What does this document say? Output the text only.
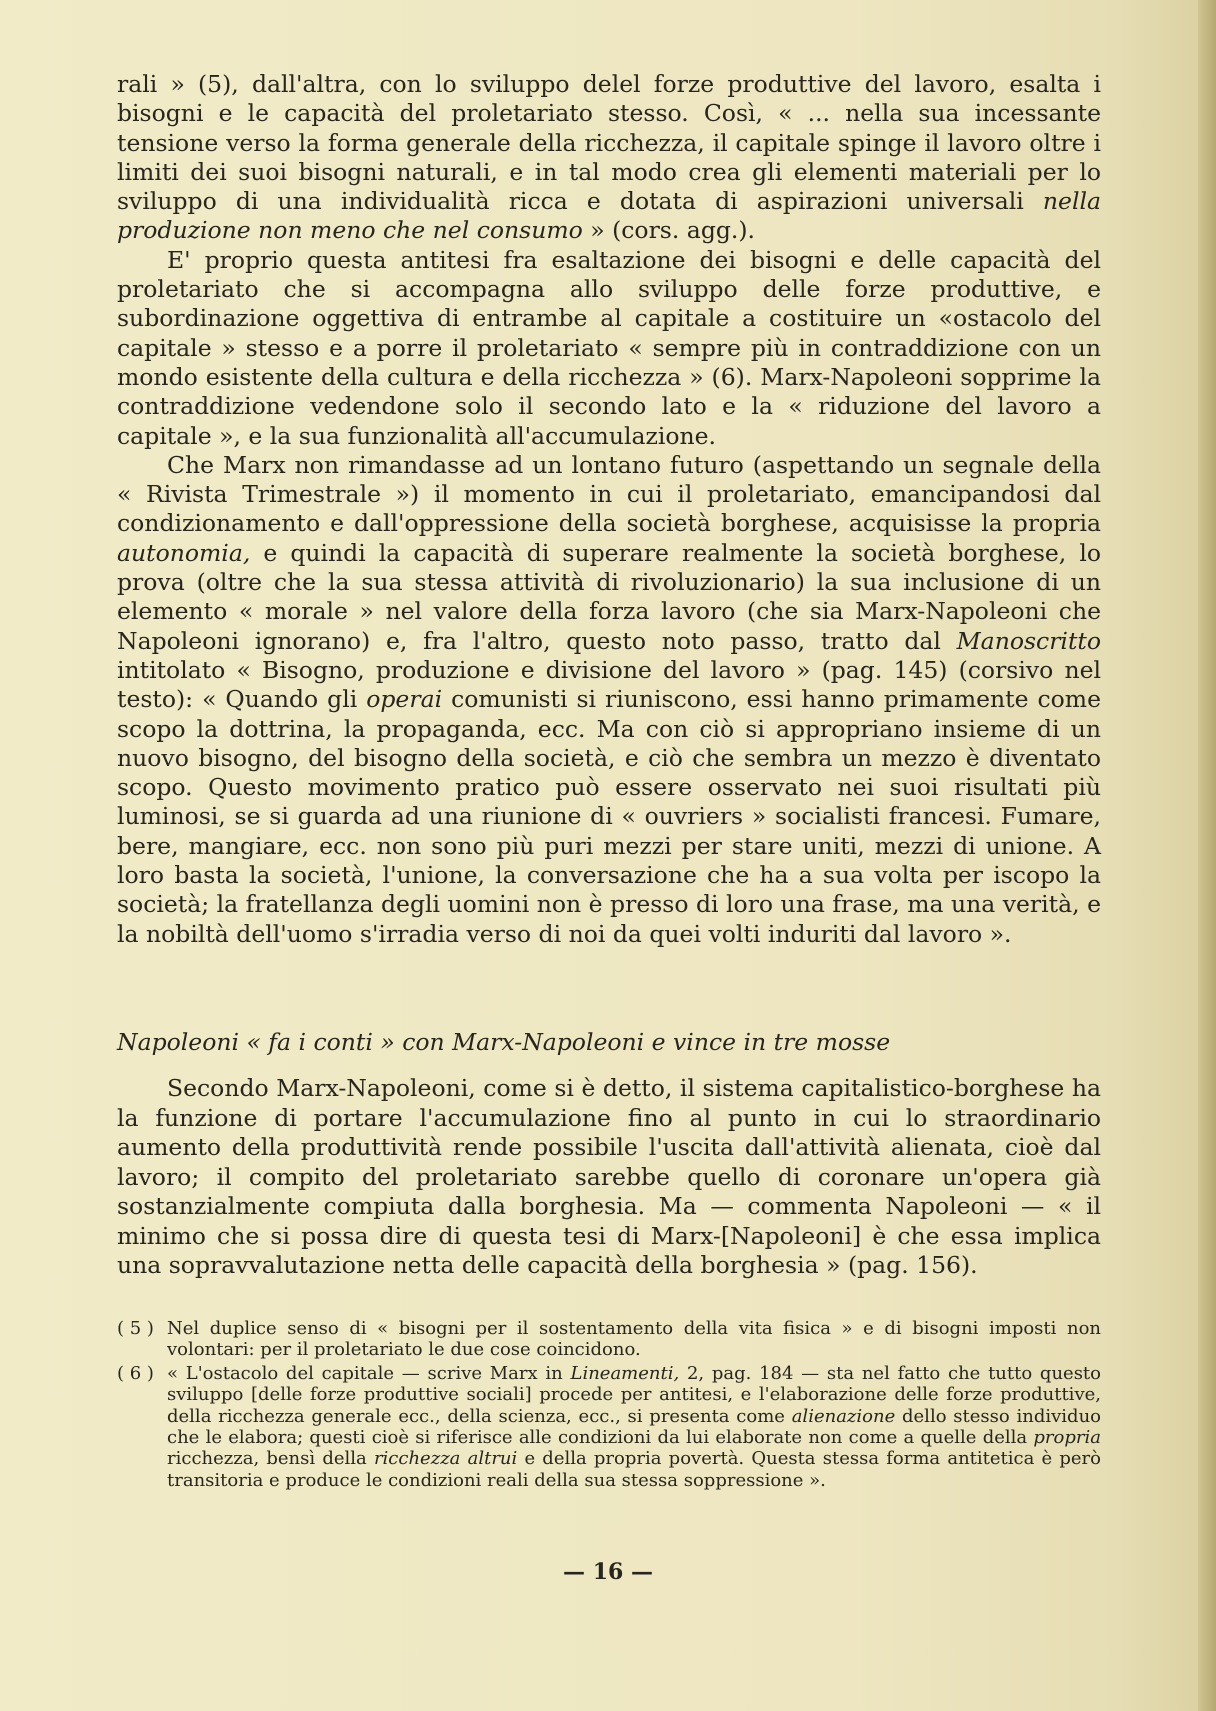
rali » (5), dall'altra, con lo sviluppo delel forze produttive del lavoro, esalta i bisogni e le capacità del proletariato stesso. Così, « ... nella sua incessante tensione verso la forma generale della ricchezza, il capitale spinge il lavoro oltre i limiti dei suoi bisogni naturali, e in tal modo crea gli elementi materiali per lo sviluppo di una individualità ricca e dotata di aspirazioni universali nella produzione non meno che nel consumo » (cors. agg.).

E' proprio questa antitesi fra esaltazione dei bisogni e delle capacità del proletariato che si accompagna allo sviluppo delle forze produttive, e subordinazione oggettiva di entrambe al capitale a costituire un «ostacolo del capitale » stesso e a porre il proletariato « sempre più in contraddizione con un mondo esistente della cultura e della ricchezza » (6). Marx-Napoleoni sopprime la contraddizione vedendone solo il secondo lato e la « riduzione del lavoro a capitale », e la sua funzionalità all'accumulazione.

Che Marx non rimandasse ad un lontano futuro (aspettando un segnale della « Rivista Trimestrale ») il momento in cui il proletariato, emancipandosi dal condizionamento e dall'oppressione della società borghese, acquisisse la propria autonomia, e quindi la capacità di superare realmente la società borghese, lo prova (oltre che la sua stessa attività di rivoluzionario) la sua inclusione di un elemento « morale » nel valore della forza lavoro (che sia Marx-Napoleoni che Napoleoni ignorano) e, fra l'altro, questo noto passo, tratto dal Manoscritto intitolato « Bisogno, produzione e divisione del lavoro » (pag. 145) (corsivo nel testo): « Quando gli operai comunisti si riuniscono, essi hanno primamente come scopo la dottrina, la propaganda, ecc. Ma con ciò si appropriano insieme di un nuovo bisogno, del bisogno della società, e ciò che sembra un mezzo è diventato scopo. Questo movimento pratico può essere osservato nei suoi risultati più luminosi, se si guarda ad una riunione di « ouvriers » socialisti francesi. Fumare, bere, mangiare, ecc. non sono più puri mezzi per stare uniti, mezzi di unione. A loro basta la società, l'unione, la conversazione che ha a sua volta per iscopo la società; la fratellanza degli uomini non è presso di loro una frase, ma una verità, e la nobiltà dell'uomo s'irradia verso di noi da quei volti induriti dal lavoro ».

Napoleoni « fa i conti » con Marx-Napoleoni e vince in tre mosse

Secondo Marx-Napoleoni, come si è detto, il sistema capitalistico-borghese ha la funzione di portare l'accumulazione fino al punto in cui lo straordinario aumento della produttività rende possibile l'uscita dall'attività alienata, cioè dal lavoro; il compito del proletariato sarebbe quello di coronare un'opera già sostanzialmente compiuta dalla borghesia. Ma — commenta Napoleoni — « il minimo che si possa dire di questa tesi di Marx-[Napoleoni] è che essa implica una sopravvalutazione netta delle capacità della borghesia » (pag. 156).

( 5 ) Nel duplice senso di « bisogni per il sostentamento della vita fisica » e di bisogni imposti non volontari: per il proletariato le due cose coincidono.
( 6 ) « L'ostacolo del capitale — scrive Marx in Lineamenti, 2, pag. 184 — sta nel fatto che tutto questo sviluppo [delle forze produttive sociali] procede per antitesi, e l'elaborazione delle forze produttive, della ricchezza generale ecc., della scienza, ecc., si presenta come alienazione dello stesso individuo che le elabora; questi cioè si riferisce alle condizioni da lui elaborate non come a quelle della propria ricchezza, bensì della ricchezza altrui e della propria povertà. Questa stessa forma antitetica è però transitoria e produce le condizioni reali della sua stessa soppressione ».
— 16 —
